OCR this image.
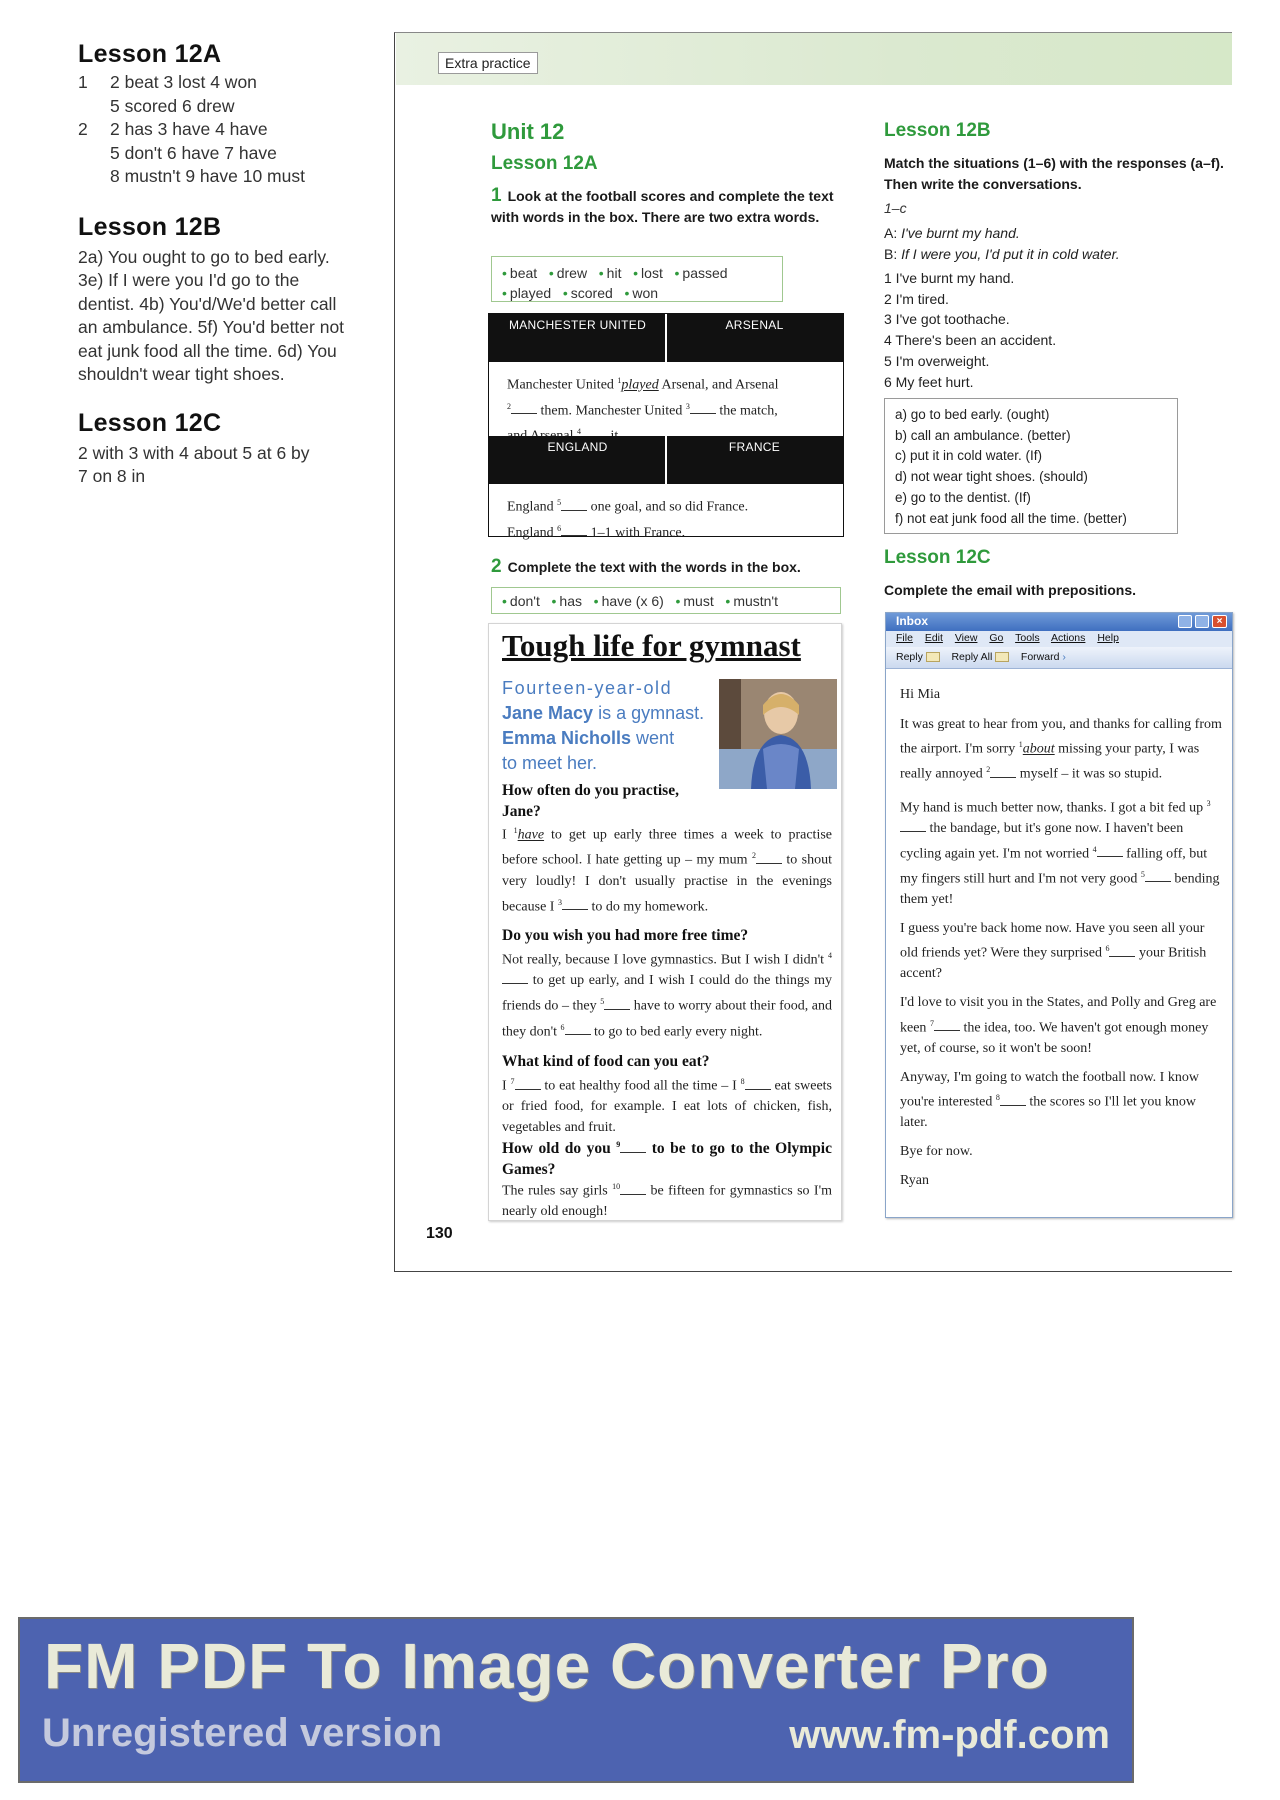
Lesson 12A
1 2 beat 3 lost 4 won
5 scored 6 drew
2 2 has 3 have 4 have
5 don't 6 have 7 have
8 mustn't 9 have 10 must
Lesson 12B
2a) You ought to go to bed early. 3e) If I were you I'd go to the dentist. 4b) You'd/We'd better call an ambulance. 5f) You'd better not eat junk food all the time. 6d) You shouldn't wear tight shoes.
Lesson 12C
2 with 3 with 4 about 5 at 6 by
7 on 8 in
Extra practice
Unit 12
Lesson 12A
1 Look at the football scores and complete the text with words in the box. There are two extra words.
• beat • drew • hit • lost • passed
• played • scored • won
MANCHESTER UNITED	ARSENAL
Manchester United $^1$played Arsenal, and Arsenal
$^2$ them. Manchester United $^3$ the match,
$^4$
ENGLAND	FRANCE
England $^5$ one goal, and so did France.
England $^6$ 1–1 with France.
2 Complete the text with the words in the box.
• don't • has • have (x 6) • must • mustn't
Tough life for gymnast
Fourteen-year-old
Jane Macy is a gymnast.
Emma Nicholls went
to meet her.
How often do you practise, Jane?
I $^1$have to get up early three times a week to practise before school. I hate getting up – my mum $^2$ to shout very loudly! I don't usually practise in the evenings because I $^3$ to do my homework.
Do you wish you had more free time?
Not really, because I love gymnastics. But I wish I didn't $^4$ to get up early, and I wish I could do the things my friends do – they $^5$ have to worry about their food, and they don't $^6$ to go to bed early every night.
What kind of food can you eat?
I $^7$ to eat healthy food all the time – I $^8$ eat sweets or fried food, for example. I eat lots of chicken, fish, vegetables and fruit.
How old do you $^9$ to be to go to the Olympic Games?
The rules say girls $^{10}$ be fifteen for gymnastics so I'm nearly old enough!
130
Lesson 12B
Match the situations (1–6) with the responses (a–f). Then write the conversations.
1–c
A: I've burnt my hand.
B: If I were you, I'd put it in cold water.
1 I've burnt my hand.
2 I'm tired.
3 I've got toothache.
4 There's been an accident.
5 I'm overweight.
6 My feet hurt.
a) go to bed early. (ought)
b) call an ambulance. (better)
c) put it in cold water. (If)
d) not wear tight shoes. (should)
e) go to the dentist. (If)
f) not eat junk food all the time. (better)
Lesson 12C
Complete the email with prepositions.
Inbox	×
File Edit View Go Tools Actions Help
Reply	Reply All	Forward ›

Hi Mia

It was great to hear from you, and thanks for calling from the airport. I'm sorry $^1$about missing your party, I was really annoyed $^2$ myself – it was so stupid.

My hand is much better now, thanks. I got a bit fed up $^3$ the bandage, but it's gone now. I haven't been cycling again yet. I'm not worried $^4$ falling off, but my fingers still hurt and I'm not very good $^5$ bending them yet!

I guess you're back home now. Have you seen all your old friends yet? Were they surprised $^6$ your British accent?

I'd love to visit you in the States, and Polly and Greg are keen $^7$ the idea, too. We haven't got enough money yet, of course, so it won't be soon!

Anyway, I'm going to watch the football now. I know you're interested $^8$ the scores so I'll let you know later.

Bye for now.

Ryan

FM PDF To Image Converter Pro
Unregistered version	www.fm-pdf.com
